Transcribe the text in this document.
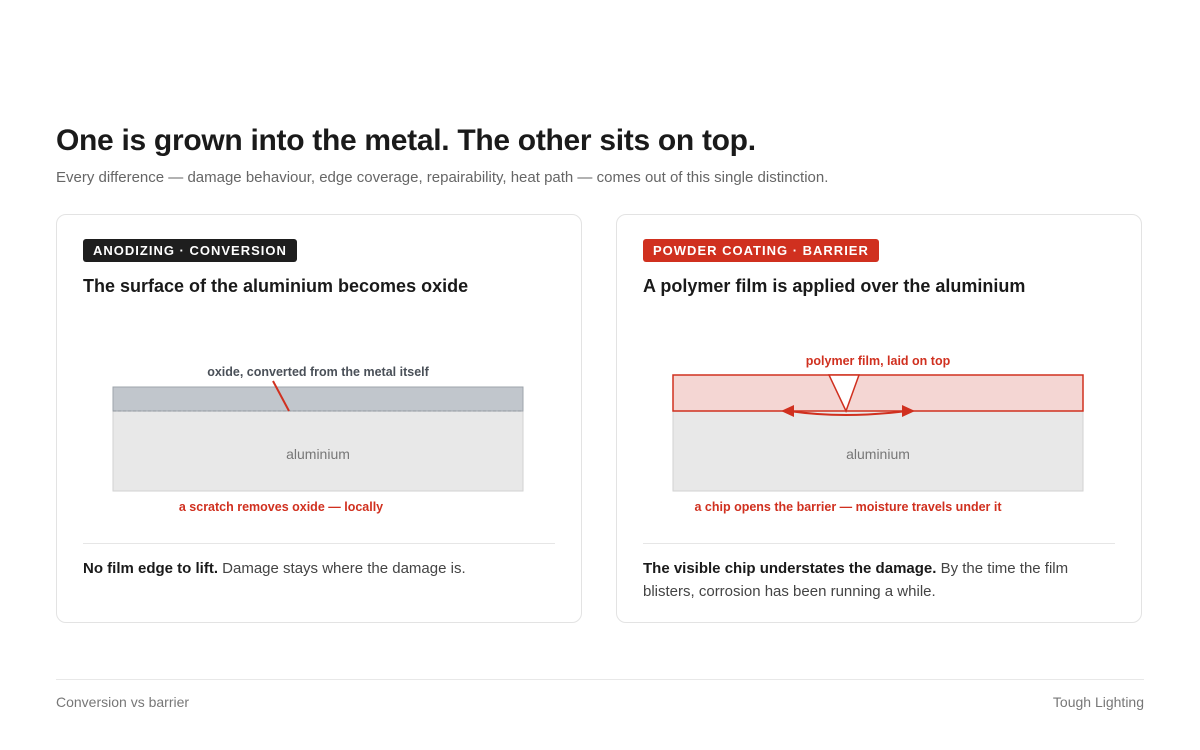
One is grown into the metal. The other sits on top.

Every difference — damage behaviour, edge coverage, repairability, heat path — comes out of this single distinction.

ANODIZING · CONVERSION
The surface of the aluminium becomes oxide
oxide, converted from the metal itself
aluminium
a scratch removes oxide — locally

No film edge to lift. Damage stays where the damage is.

POWDER COATING · BARRIER
A polymer film is applied over the aluminium
polymer film, laid on top
aluminium
a chip opens the barrier — moisture travels under it

The visible chip understates the damage. By the time the film blisters, corrosion has been running a while.

Conversion vs barrier	Tough Lighting
